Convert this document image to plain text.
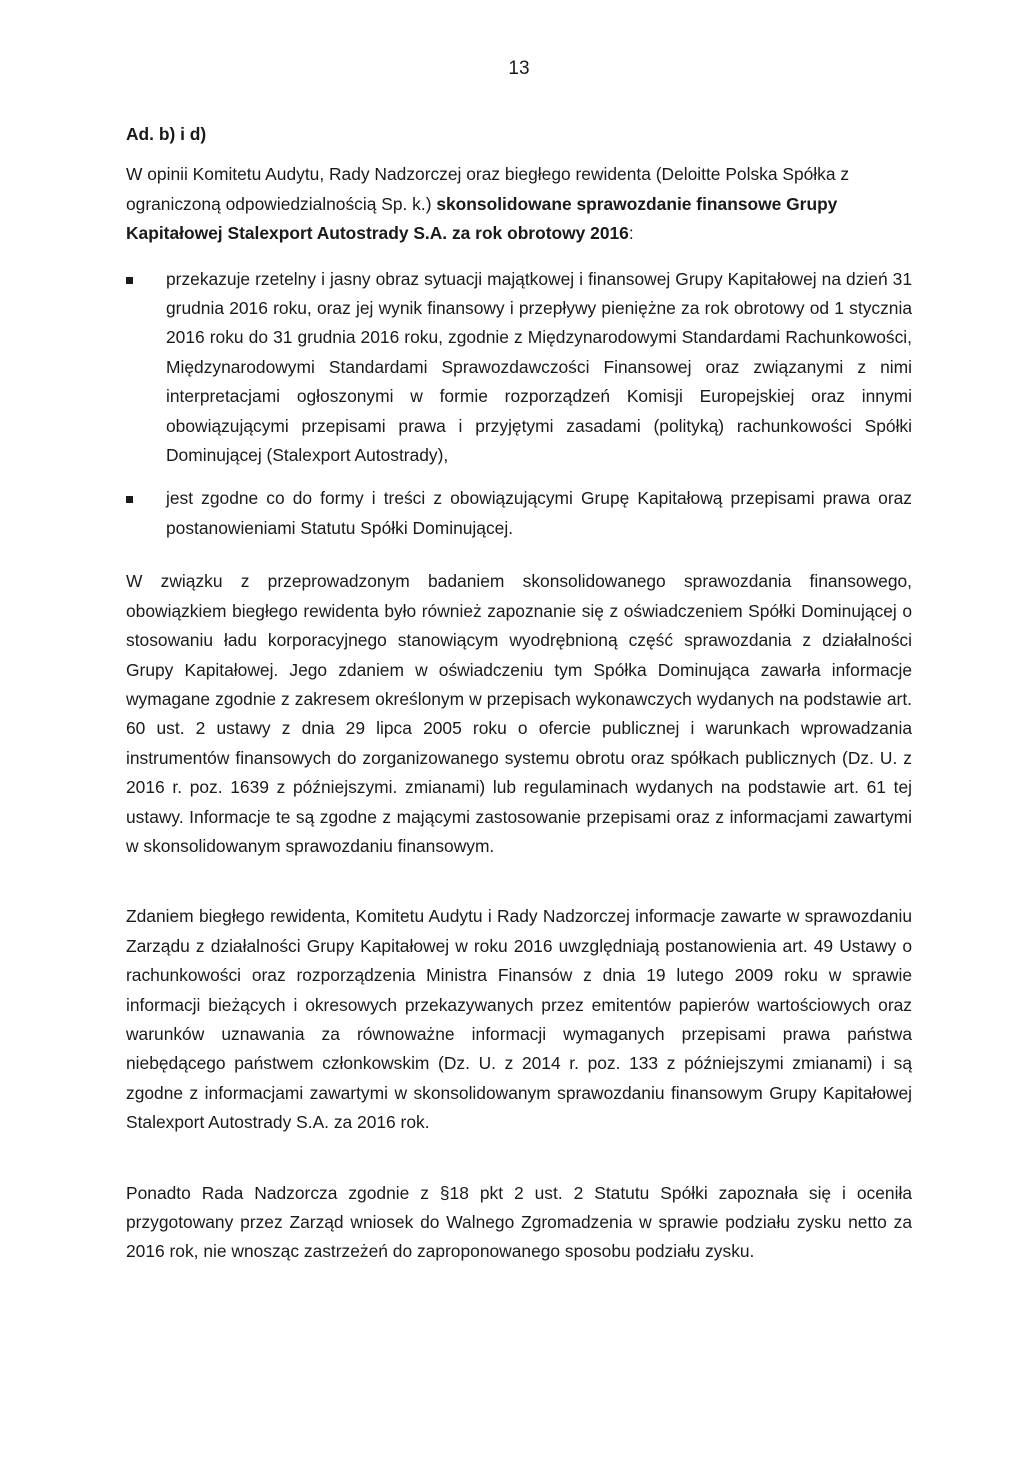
13
Ad. b) i d)

W opinii Komitetu Audytu, Rady Nadzorczej oraz biegłego rewidenta (Deloitte Polska Spółka z ograniczoną odpowiedzialnością Sp. k.) skonsolidowane sprawozdanie finansowe Grupy Kapitałowej Stalexport Autostrady S.A. za rok obrotowy 2016:

przekazuje rzetelny i jasny obraz sytuacji majątkowej i finansowej Grupy Kapitałowej na dzień 31 grudnia 2016 roku, oraz jej wynik finansowy i przepływy pieniężne za rok obrotowy od 1 stycznia 2016 roku do 31 grudnia 2016 roku, zgodnie z Międzynarodowymi Standardami Rachunkowości, Międzynarodowymi Standardami Sprawozdawczości Finansowej oraz związanymi z nimi interpretacjami ogłoszonymi w formie rozporządzeń Komisji Europejskiej oraz innymi obowiązującymi przepisami prawa i przyjętymi zasadami (polityką) rachunkowości Spółki Dominującej (Stalexport Autostrady),
jest zgodne co do formy i treści z obowiązującymi Grupę Kapitałową przepisami prawa oraz postanowieniami Statutu Spółki Dominującej.

W związku z przeprowadzonym badaniem skonsolidowanego sprawozdania finansowego, obowiązkiem biegłego rewidenta było również zapoznanie się z oświadczeniem Spółki Dominującej o stosowaniu ładu korporacyjnego stanowiącym wyodrębnioną część sprawozdania z działalności Grupy Kapitałowej. Jego zdaniem w oświadczeniu tym Spółka Dominująca zawarła informacje wymagane zgodnie z zakresem określonym w przepisach wykonawczych wydanych na podstawie art. 60 ust. 2 ustawy z dnia 29 lipca 2005 roku o ofercie publicznej i warunkach wprowadzania instrumentów finansowych do zorganizowanego systemu obrotu oraz spółkach publicznych (Dz. U. z 2016 r. poz. 1639 z późniejszymi. zmianami) lub regulaminach wydanych na podstawie art. 61 tej ustawy. Informacje te są zgodne z mającymi zastosowanie przepisami oraz z informacjami zawartymi w skonsolidowanym sprawozdaniu finansowym.

Zdaniem biegłego rewidenta, Komitetu Audytu i Rady Nadzorczej informacje zawarte w sprawozdaniu Zarządu z działalności Grupy Kapitałowej w roku 2016 uwzględniają postanowienia art. 49 Ustawy o rachunkowości oraz rozporządzenia Ministra Finansów z dnia 19 lutego 2009 roku w sprawie informacji bieżących i okresowych przekazywanych przez emitentów papierów wartościowych oraz warunków uznawania za równoważne informacji wymaganych przepisami prawa państwa niebędącego państwem członkowskim (Dz. U. z 2014 r. poz. 133 z późniejszymi zmianami) i są zgodne z informacjami zawartymi w skonsolidowanym sprawozdaniu finansowym Grupy Kapitałowej Stalexport Autostrady S.A. za 2016 rok.

Ponadto Rada Nadzorcza zgodnie z §18 pkt 2 ust. 2 Statutu Spółki zapoznała się i oceniła przygotowany przez Zarząd wniosek do Walnego Zgromadzenia w sprawie podziału zysku netto za 2016 rok, nie wnosząc zastrzeżeń do zaproponowanego sposobu podziału zysku.
